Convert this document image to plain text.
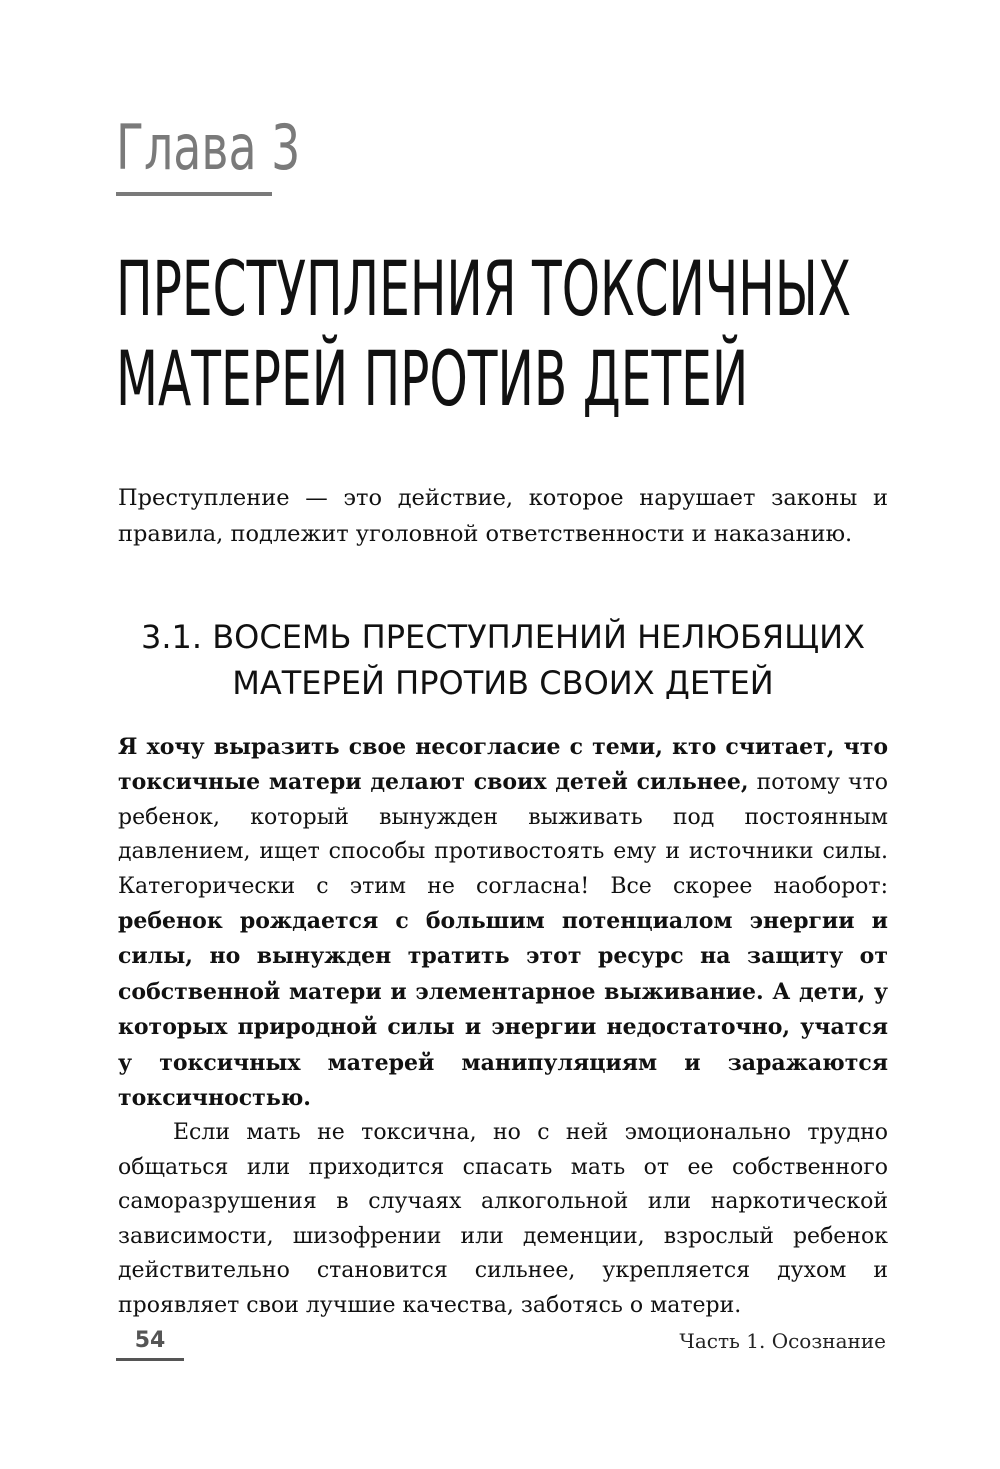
Глава 3
ПРЕСТУПЛЕНИЯ ТОКСИЧНЫХ
МАТЕРЕЙ ПРОТИВ ДЕТЕЙ

Преступление — это действие, которое нарушает законы и правила, подлежит уголовной ответственности и наказанию.

3.1. ВОСЕМЬ ПРЕСТУПЛЕНИЙ НЕЛЮБЯЩИХ
МАТЕРЕЙ ПРОТИВ СВОИХ ДЕТЕЙ

Я хочу выразить свое несогласие с теми, кто считает, что токсичные матери делают своих детей сильнее, потому что ребенок, который вынужден выживать под постоянным давлением, ищет способы противостоять ему и источники силы. Категорически с этим не согласна! Все скорее наоборот: ребенок рождается с большим потенциалом энергии и силы, но вынужден тратить этот ресурс на защиту от собственной матери и элементарное выживание. А дети, у которых природной силы и энергии недостаточно, учатся у токсичных матерей манипуляциям и заражаются токсичностью.

Если мать не токсична, но с ней эмоционально трудно общаться или приходится спасать мать от ее собственного саморазрушения в случаях алкогольной или наркотической зависимости, шизофрении или деменции, взрослый ребенок действительно становится сильнее, укрепляется духом и проявляет свои лучшие качества, заботясь о матери.

54	Часть 1. Осознание
